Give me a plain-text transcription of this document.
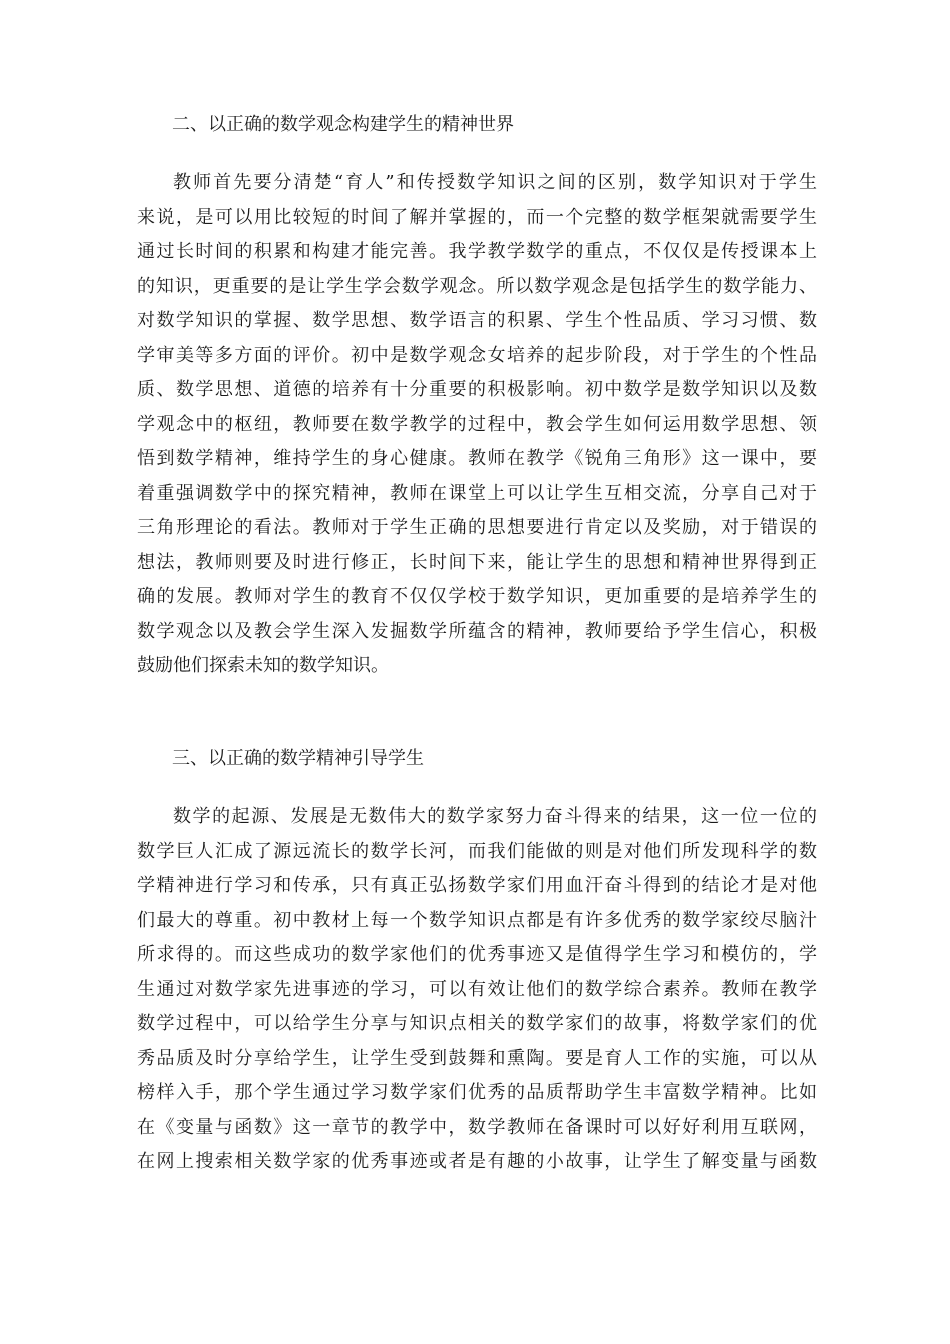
二、以正确的数学观念构建学生的精神世界
教师首先要分清楚“育人”和传授数学知识之间的区别，数学知识对于学生
来说，是可以用比较短的时间了解并掌握的，而一个完整的数学框架就需要学生
通过长时间的积累和构建才能完善。我学教学数学的重点，不仅仅是传授课本上
的知识，更重要的是让学生学会数学观念。所以数学观念是包括学生的数学能力、
对数学知识的掌握、数学思想、数学语言的积累、学生个性品质、学习习惯、数
学审美等多方面的评价。初中是数学观念女培养的起步阶段，对于学生的个性品
质、数学思想、道德的培养有十分重要的积极影响。初中数学是数学知识以及数
学观念中的枢纽，教师要在数学教学的过程中，教会学生如何运用数学思想、领
悟到数学精神，维持学生的身心健康。教师在教学《锐角三角形》这一课中，要
着重强调数学中的探究精神，教师在课堂上可以让学生互相交流，分享自己对于
三角形理论的看法。教师对于学生正确的思想要进行肯定以及奖励，对于错误的
想法，教师则要及时进行修正，长时间下来，能让学生的思想和精神世界得到正
确的发展。教师对学生的教育不仅仅学校于数学知识，更加重要的是培养学生的
数学观念以及教会学生深入发掘数学所蕴含的精神，教师要给予学生信心，积极
鼓励他们探索未知的数学知识。
三、以正确的数学精神引导学生
数学的起源、发展是无数伟大的数学家努力奋斗得来的结果，这一位一位的
数学巨人汇成了源远流长的数学长河，而我们能做的则是对他们所发现科学的数
学精神进行学习和传承，只有真正弘扬数学家们用血汗奋斗得到的结论才是对他
们最大的尊重。初中教材上每一个数学知识点都是有许多优秀的数学家绞尽脑汁
所求得的。而这些成功的数学家他们的优秀事迹又是值得学生学习和模仿的，学
生通过对数学家先进事迹的学习，可以有效让他们的数学综合素养。教师在教学
数学过程中，可以给学生分享与知识点相关的数学家们的故事，将数学家们的优
秀品质及时分享给学生，让学生受到鼓舞和熏陶。要是育人工作的实施，可以从
榜样入手，那个学生通过学习数学家们优秀的品质帮助学生丰富数学精神。比如
在《变量与函数》这一章节的教学中，数学教师在备课时可以好好利用互联网，
在网上搜索相关数学家的优秀事迹或者是有趣的小故事，让学生了解变量与函数
